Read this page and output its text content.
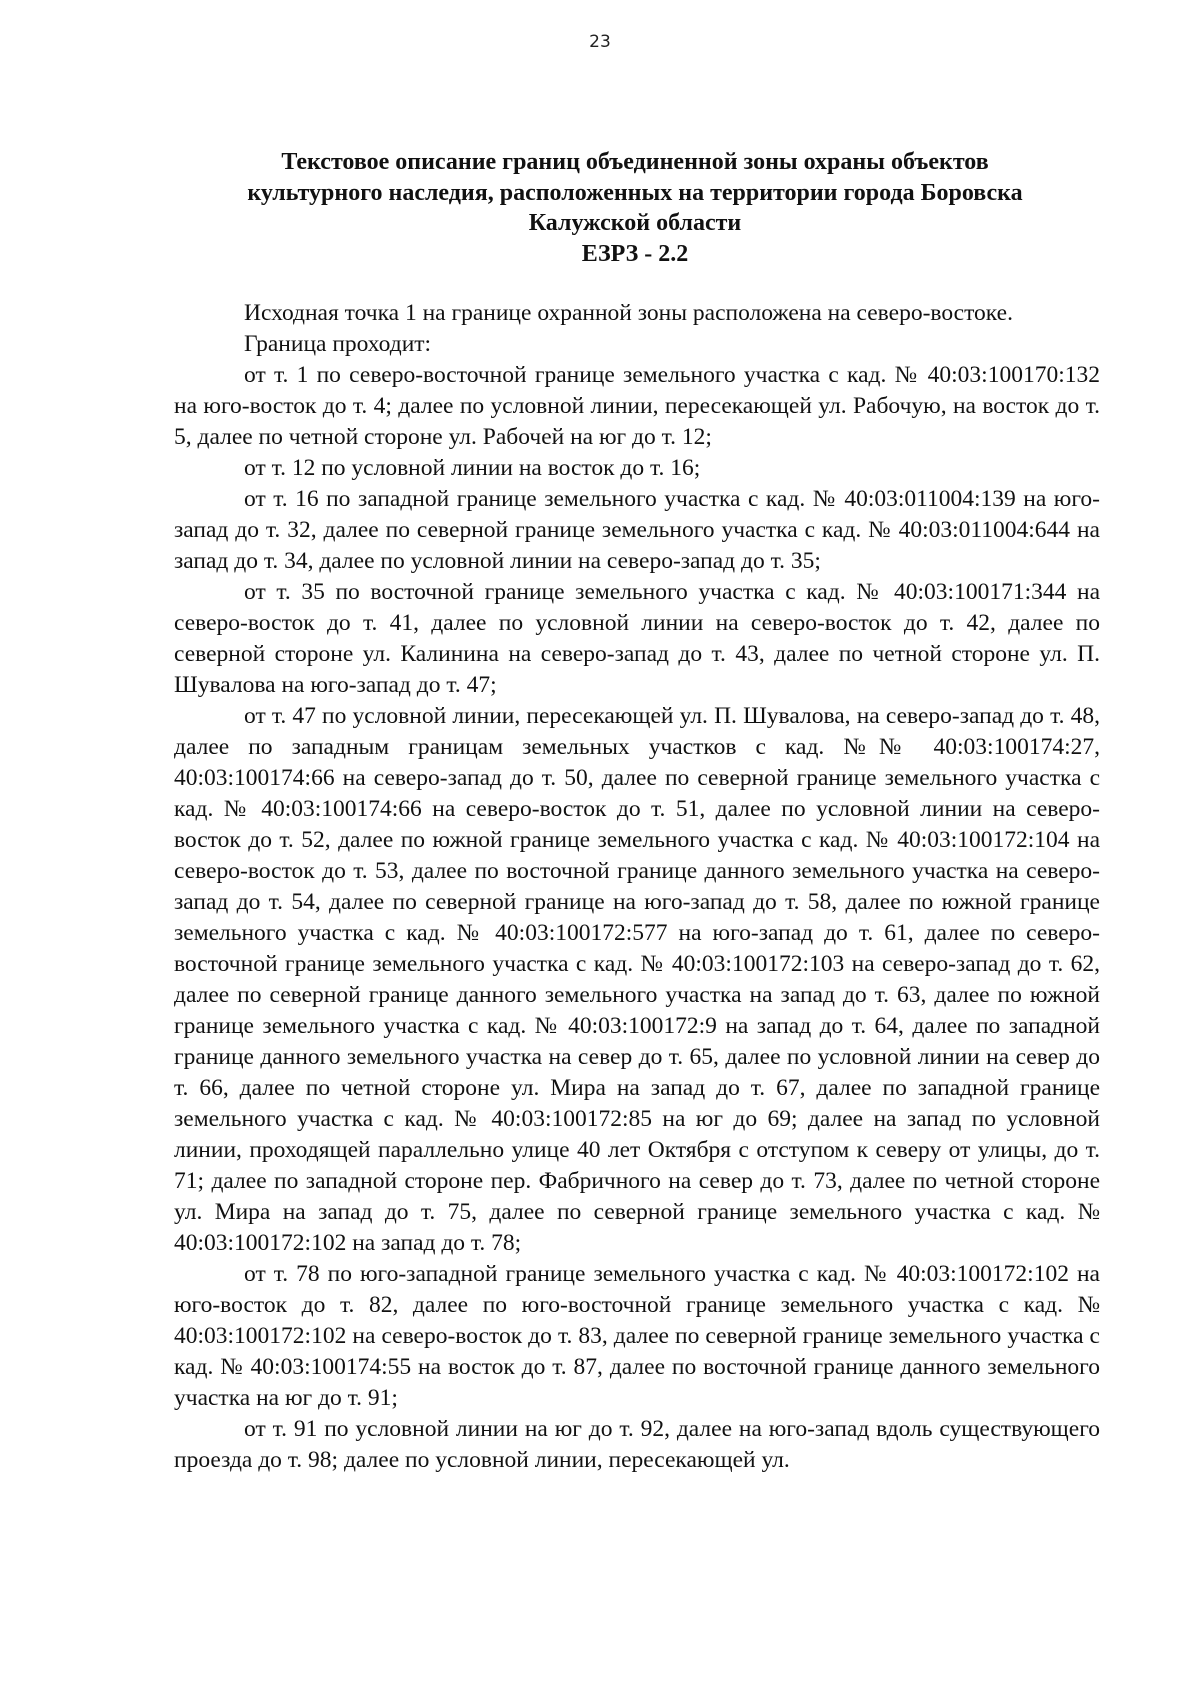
23
Текстовое описание границ объединенной зоны охраны объектов
культурного наследия, расположенных на территории города Боровска
Калужской области
ЕЗРЗ - 2.2

Исходная точка 1 на границе охранной зоны расположена на северо-востоке.

Граница проходит:

от т. 1 по северо-восточной границе земельного участка с кад. № 40:03:100170:132 на юго-восток до т. 4; далее по условной линии, пересекающей ул. Рабочую, на восток до т. 5, далее по четной стороне ул. Рабочей на юг до т. 12;

от т. 12 по условной линии на восток до т. 16;

от т. 16 по западной границе земельного участка с кад. № 40:03:011004:139 на юго-запад до т. 32, далее по северной границе земельного участка с кад. № 40:03:011004:644 на запад до т. 34, далее по условной линии на северо-запад до т. 35;

от т. 35 по восточной границе земельного участка с кад. № 40:03:100171:344 на северо-восток до т. 41, далее по условной линии на северо-восток до т. 42, далее по северной стороне ул. Калинина на северо-запад до т. 43, далее по четной стороне ул. П. Шувалова на юго-запад до т. 47;

от т. 47 по условной линии, пересекающей ул. П. Шувалова, на северо-запад до т. 48, далее по западным границам земельных участков с кад. №№ 40:03:100174:27, 40:03:100174:66 на северо-запад до т. 50, далее по северной границе земельного участка с кад. № 40:03:100174:66 на северо-восток до т. 51, далее по условной линии на северо-восток до т. 52, далее по южной границе земельного участка с кад. № 40:03:100172:104 на северо-восток до т. 53, далее по восточной границе данного земельного участка на северо-запад до т. 54, далее по северной границе на юго-запад до т. 58, далее по южной границе земельного участка с кад. № 40:03:100172:577 на юго-запад до т. 61, далее по северо-восточной границе земельного участка с кад. № 40:03:100172:103 на северо-запад до т. 62, далее по северной границе данного земельного участка на запад до т. 63, далее по южной границе земельного участка с кад. № 40:03:100172:9 на запад до т. 64, далее по западной границе данного земельного участка на север до т. 65, далее по условной линии на север до т. 66, далее по четной стороне ул. Мира на запад до т. 67, далее по западной границе земельного участка с кад. № 40:03:100172:85 на юг до 69; далее на запад по условной линии, проходящей параллельно улице 40 лет Октября с отступом к северу от улицы, до т. 71; далее по западной стороне пер. Фабричного на север до т. 73, далее по четной стороне ул. Мира на запад до т. 75, далее по северной границе земельного участка с кад. № 40:03:100172:102 на запад до т. 78;

от т. 78 по юго-западной границе земельного участка с кад. № 40:03:100172:102 на юго-восток до т. 82, далее по юго-восточной границе земельного участка с кад. № 40:03:100172:102 на северо-восток до т. 83, далее по северной границе земельного участка с кад. № 40:03:100174:55 на восток до т. 87, далее по восточной границе данного земельного участка на юг до т. 91;

от т. 91 по условной линии на юг до т. 92, далее на юго-запад вдоль существующего проезда до т. 98; далее по условной линии, пересекающей ул.
